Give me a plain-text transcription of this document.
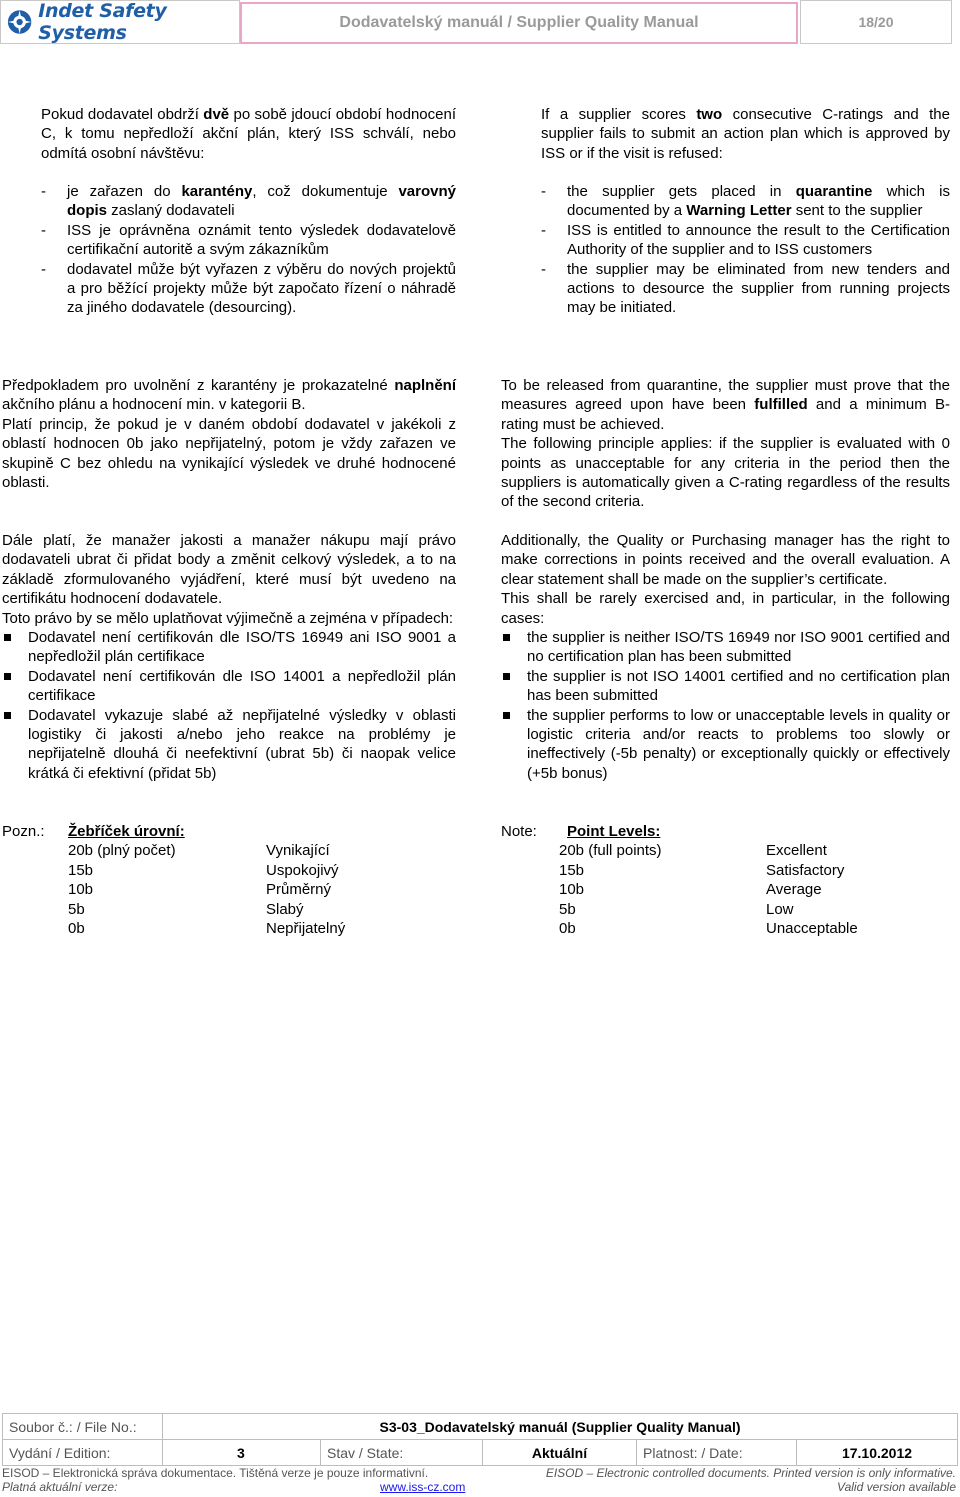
Indet Safety Systems	Dodavatelský manuál / Supplier Quality Manual	18/20
Pokud dodavatel obdrží dvě po sobě jdoucí období hodnocení C, k tomu nepředloží akční plán, který ISS schválí, nebo odmítá osobní návštěvu:
- je zařazen do karantény, což dokumentuje varovný dopis zaslaný dodavateli
- ISS je oprávněna oznámit tento výsledek dodavatelově certifikační autoritě a svým zákazníkům
- dodavatel může být vyřazen z výběru do nových projektů a pro běžící projekty může být započato řízení o náhradě za jiného dodavatele (desourcing).

Předpokladem pro uvolnění z karantény je prokazatelné naplnění akčního plánu a hodnocení min. v kategorii B.

Platí princip, že pokud je v daném období dodavatel v jakékoli z oblastí hodnocen 0b jako nepřijatelný, potom je vždy zařazen ve skupině C bez ohledu na vynikající výsledek ve druhé hodnocené oblasti.

Dále platí, že manažer jakosti a manažer nákupu mají právo dodavateli ubrat či přidat body a změnit celkový výsledek, a to na základě zformulovaného vyjádření, které musí být uvedeno na certifikátu hodnocení dodavatele.

Toto právo by se mělo uplatňovat výjimečně a zejména v případech:

Dodavatel není certifikován dle ISO/TS 16949 ani ISO 9001 a nepředložil plán certifikace
Dodavatel není certifikován dle ISO 14001 a nepředložil plán certifikace
Dodavatel vykazuje slabé až nepřijatelné výsledky v oblasti logistiky či jakosti a/nebo jeho reakce na problémy je nepřijatelně dlouhá či neefektivní (ubrat 5b) či naopak velice krátká či efektivní (přidat 5b)
Pozn.:	Žebříček úrovní:
20b (plný počet)	Vynikající
15b	Uspokojivý
10b	Průměrný
5b	Slabý
0b	Nepřijatelný
If a supplier scores two consecutive C-ratings and the supplier fails to submit an action plan which is approved by ISS or if the visit is refused:
- the supplier gets placed in quarantine which is documented by a Warning Letter sent to the supplier
- ISS is entitled to announce the result to the Certification Authority of the supplier and to ISS customers
- the supplier may be eliminated from new tenders and actions to desource the supplier from running projects may be initiated.

To be released from quarantine, the supplier must prove that the measures agreed upon have been fulfilled and a minimum B-rating must be achieved.

The following principle applies: if the supplier is evaluated with 0 points as unacceptable for any criteria in the period then the suppliers is automatically given a C-rating regardless of the results of the second criteria.

Additionally, the Quality or Purchasing manager has the right to make corrections in points received and the overall evaluation. A clear statement shall be made on the supplier’s certificate.

This shall be rarely exercised and, in particular, in the following cases:

the supplier is neither ISO/TS 16949 nor ISO 9001 certified and no certification plan has been submitted
the supplier is not ISO 14001 certified and no certification plan has been submitted
the supplier performs to low or unacceptable levels in quality or logistic criteria and/or reacts to problems too slowly or ineffectively (-5b penalty) or exceptionally quickly or effectively (+5b bonus)
Note:	Point Levels:
20b (full points)	Excellent
15b	Satisfactory
10b	Average
5b	Low
0b	Unacceptable
Soubor č.: / File No.:	S3-03_Dodavatelský manuál (Supplier Quality Manual)				
Vydání / Edition:	3	Stav / State:	Aktuální	Platnost: / Date:	17.10.2012
EISOD – Elektronická správa dokumentace. Tištěná verze je pouze informativní.	EISOD – Electronic controlled documents. Printed version is only informative.
Platná aktuální verze:	www.iss-cz.com	Valid version available
